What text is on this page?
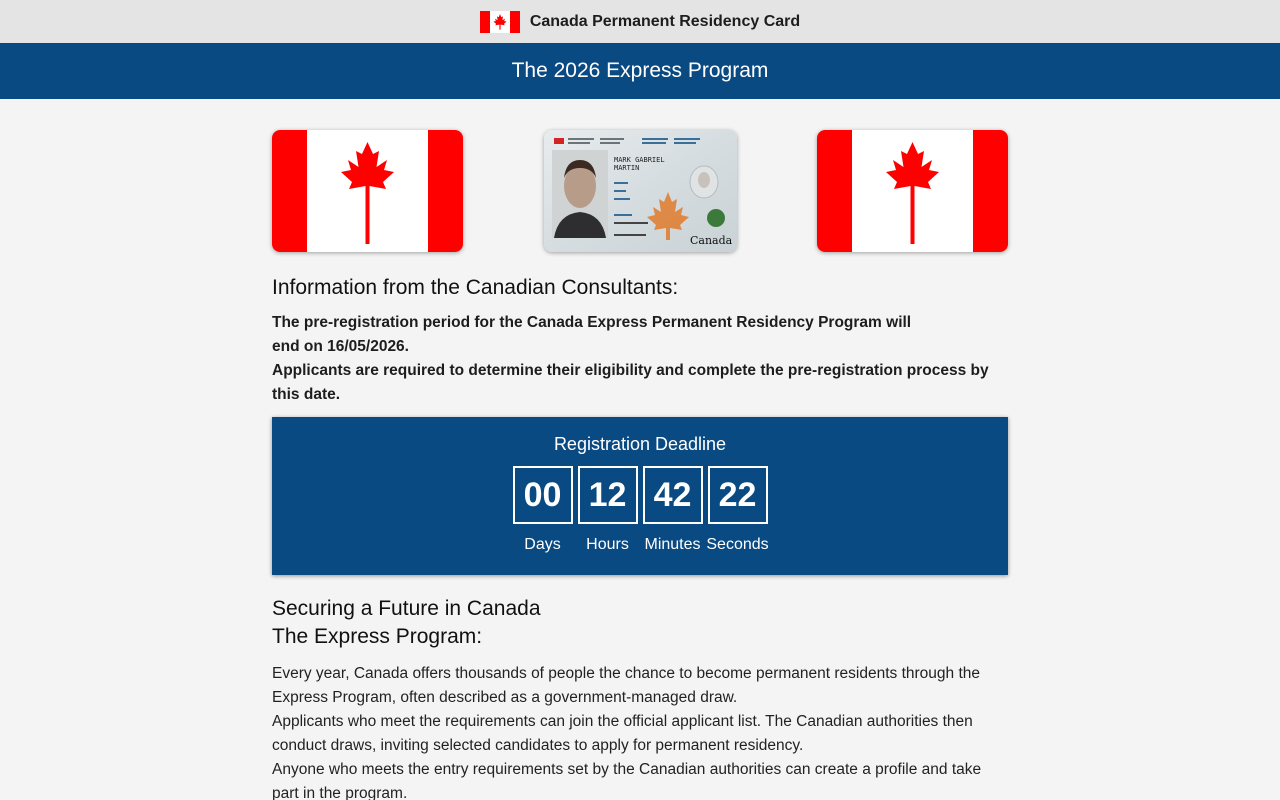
Canada Permanent Residency Card
The 2026 Express Program
MARK GABRIEL
MARTIN
Canada
Information from the Canadian Consultants:

The pre-registration period for the Canada Express Permanent Residency Program will end on 16/05/2026.

Applicants are required to determine their eligibility and complete the pre-registration process by this date.

Registration Deadline
00
Days
12
Hours
42
Minutes
22
Seconds
Securing a Future in Canada
The Express Program:

Every year, Canada offers thousands of people the chance to become permanent residents through the Express Program, often described as a government-managed draw.

Applicants who meet the requirements can join the official applicant list. The Canadian authorities then conduct draws, inviting selected candidates to apply for permanent residency.

Anyone who meets the entry requirements set by the Canadian authorities can create a profile and take part in the program.
